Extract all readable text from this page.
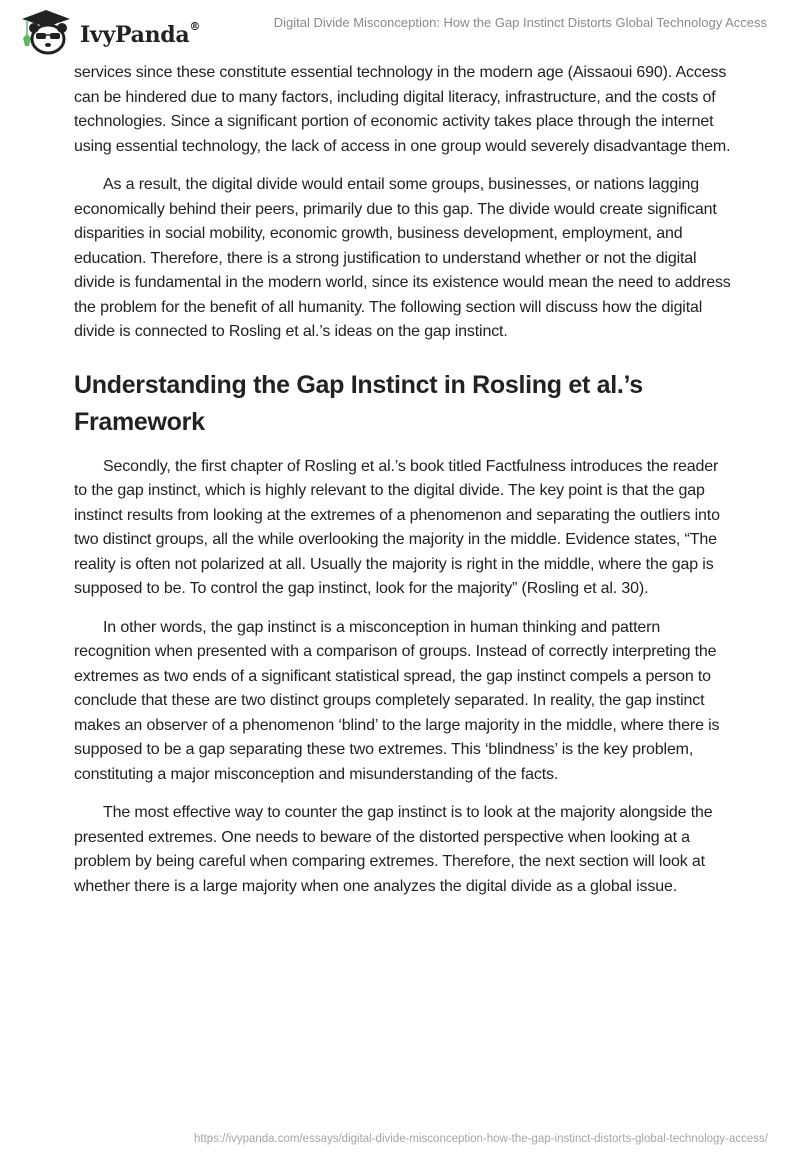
IvyPanda®	Digital Divide Misconception: How the Gap Instinct Distorts Global Technology Access

services since these constitute essential technology in the modern age (Aissaoui 690). Access can be hindered due to many factors, including digital literacy, infrastructure, and the costs of technologies. Since a significant portion of economic activity takes place through the internet using essential technology, the lack of access in one group would severely disadvantage them.

As a result, the digital divide would entail some groups, businesses, or nations lagging economically behind their peers, primarily due to this gap. The divide would create significant disparities in social mobility, economic growth, business development, employment, and education. Therefore, there is a strong justification to understand whether or not the digital divide is fundamental in the modern world, since its existence would mean the need to address the problem for the benefit of all humanity. The following section will discuss how the digital divide is connected to Rosling et al.’s ideas on the gap instinct.

Understanding the Gap Instinct in Rosling et al.’s Framework

Secondly, the first chapter of Rosling et al.’s book titled Factfulness introduces the reader to the gap instinct, which is highly relevant to the digital divide. The key point is that the gap instinct results from looking at the extremes of a phenomenon and separating the outliers into two distinct groups, all the while overlooking the majority in the middle. Evidence states, “The reality is often not polarized at all. Usually the majority is right in the middle, where the gap is supposed to be. To control the gap instinct, look for the majority” (Rosling et al. 30).

In other words, the gap instinct is a misconception in human thinking and pattern recognition when presented with a comparison of groups. Instead of correctly interpreting the extremes as two ends of a significant statistical spread, the gap instinct compels a person to conclude that these are two distinct groups completely separated. In reality, the gap instinct makes an observer of a phenomenon ‘blind’ to the large majority in the middle, where there is supposed to be a gap separating these two extremes. This ‘blindness’ is the key problem, constituting a major misconception and misunderstanding of the facts.

The most effective way to counter the gap instinct is to look at the majority alongside the presented extremes. One needs to beware of the distorted perspective when looking at a problem by being careful when comparing extremes. Therefore, the next section will look at whether there is a large majority when one analyzes the digital divide as a global issue.

https://ivypanda.com/essays/digital-divide-misconception-how-the-gap-instinct-distorts-global-technology-access/
